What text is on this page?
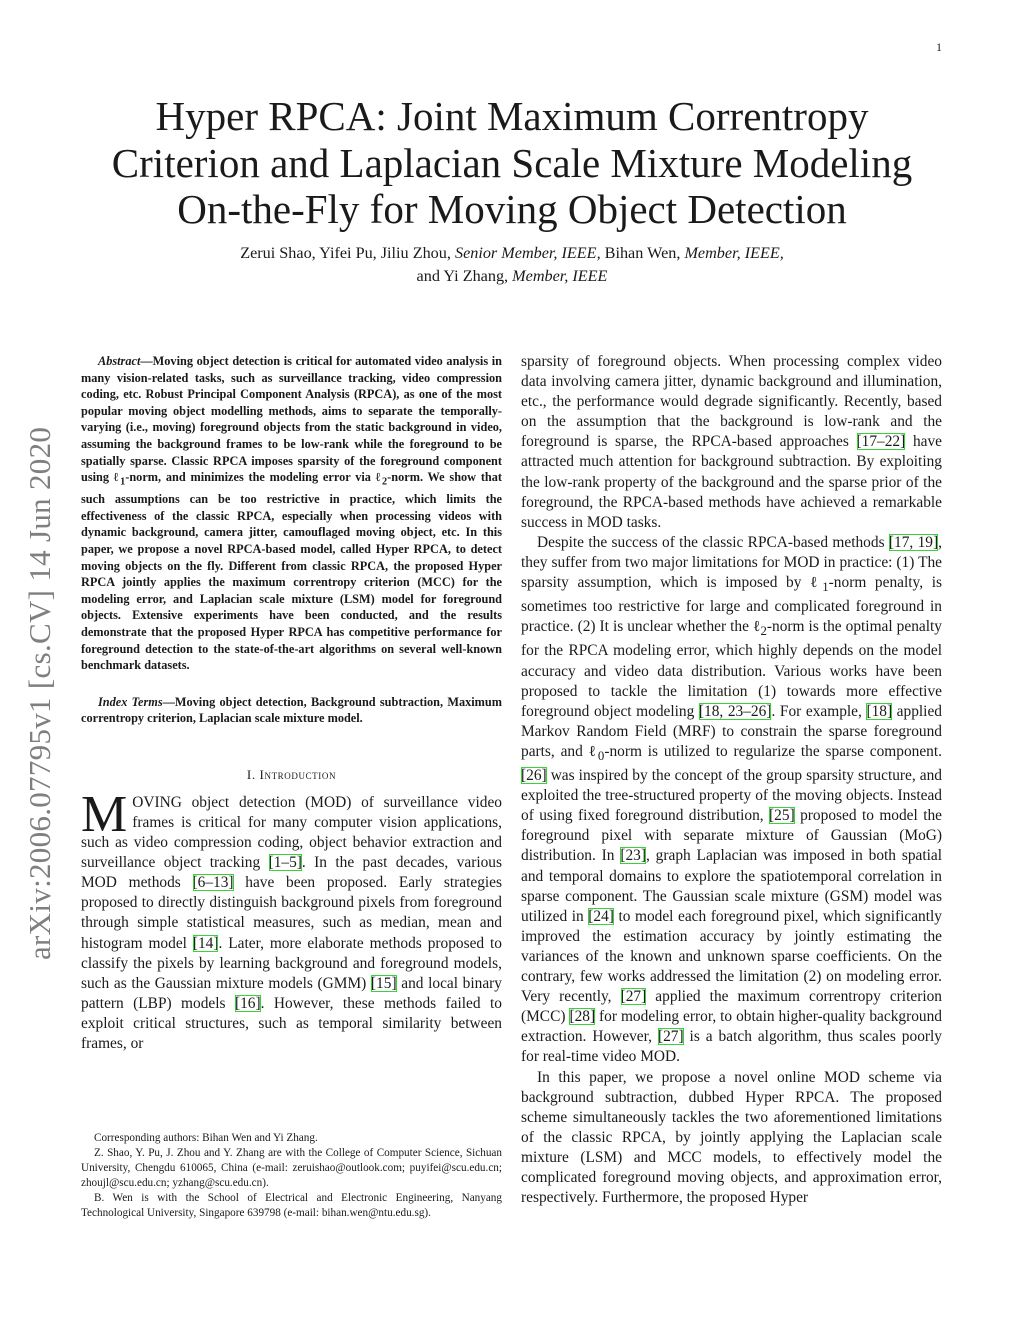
1
arXiv:2006.07795v1 [cs.CV] 14 Jun 2020
Hyper RPCA: Joint Maximum Correntropy
Criterion and Laplacian Scale Mixture Modeling
On-the-Fly for Moving Object Detection
Zerui Shao, Yifei Pu, Jiliu Zhou, Senior Member, IEEE, Bihan Wen, Member, IEEE,
and Yi Zhang, Member, IEEE

Abstract—Moving object detection is critical for automated video analysis in many vision-related tasks, such as surveillance tracking, video compression coding, etc. Robust Principal Component Analysis (RPCA), as one of the most popular moving object modelling methods, aims to separate the temporally-varying (i.e., moving) foreground objects from the static background in video, assuming the background frames to be low-rank while the foreground to be spatially sparse. Classic RPCA imposes sparsity of the foreground component using ℓ$_1$-norm, and minimizes the modeling error via ℓ$_2$-norm. We show that such assumptions can be too restrictive in practice, which limits the effectiveness of the classic RPCA, especially when processing videos with dynamic background, camera jitter, camouflaged moving object, etc. In this paper, we propose a novel RPCA-based model, called Hyper RPCA, to detect moving objects on the fly. Different from classic RPCA, the proposed Hyper RPCA jointly applies the maximum correntropy criterion (MCC) for the modeling error, and Laplacian scale mixture (LSM) model for foreground objects. Extensive experiments have been conducted, and the results demonstrate that the proposed Hyper RPCA has competitive performance for foreground detection to the state-of-the-art algorithms on several well-known benchmark datasets.

Index Terms—Moving object detection, Background subtraction, Maximum correntropy criterion, Laplacian scale mixture model.

I. Introduction

MOVING object detection (MOD) of surveillance video frames is critical for many computer vision applications, such as video compression coding, object behavior extraction and surveillance object tracking [1–5]. In the past decades, various MOD methods [6–13] have been proposed. Early strategies proposed to directly distinguish background pixels from foreground through simple statistical measures, such as median, mean and histogram model [14]. Later, more elaborate methods proposed to classify the pixels by learning background and foreground models, such as the Gaussian mixture models (GMM) [15] and local binary pattern (LBP) models [16]. However, these methods failed to exploit critical structures, such as temporal similarity between frames, or

Corresponding authors: Bihan Wen and Yi Zhang.

Z. Shao, Y. Pu, J. Zhou and Y. Zhang are with the College of Computer Science, Sichuan University, Chengdu 610065, China (e-mail: zeruishao@outlook.com; puyifei@scu.edu.cn; zhoujl@scu.edu.cn; yzhang@scu.edu.cn).

B. Wen is with the School of Electrical and Electronic Engineering, Nanyang Technological University, Singapore 639798 (e-mail: bihan.wen@ntu.edu.sg).

sparsity of foreground objects. When processing complex video data involving camera jitter, dynamic background and illumination, etc., the performance would degrade significantly. Recently, based on the assumption that the background is low-rank and the foreground is sparse, the RPCA-based approaches [17–22] have attracted much attention for background subtraction. By exploiting the low-rank property of the background and the sparse prior of the foreground, the RPCA-based methods have achieved a remarkable success in MOD tasks.

Despite the success of the classic RPCA-based methods [17, 19], they suffer from two major limitations for MOD in practice: (1) The sparsity assumption, which is imposed by ℓ$_1$-norm penalty, is sometimes too restrictive for large and complicated foreground in practice. (2) It is unclear whether the ℓ$_2$-norm is the optimal penalty for the RPCA modeling error, which highly depends on the model accuracy and video data distribution. Various works have been proposed to tackle the limitation (1) towards more effective foreground object modeling [18, 23–26]. For example, [18] applied Markov Random Field (MRF) to constrain the sparse foreground parts, and ℓ$_0$-norm is utilized to regularize the sparse component. [26] was inspired by the concept of the group sparsity structure, and exploited the tree-structured property of the moving objects. Instead of using fixed foreground distribution, [25] proposed to model the foreground pixel with separate mixture of Gaussian (MoG) distribution. In [23], graph Laplacian was imposed in both spatial and temporal domains to explore the spatiotemporal correlation in sparse component. The Gaussian scale mixture (GSM) model was utilized in [24] to model each foreground pixel, which significantly improved the estimation accuracy by jointly estimating the variances of the known and unknown sparse coefficients. On the contrary, few works addressed the limitation (2) on modeling error. Very recently, [27] applied the maximum correntropy criterion (MCC) [28] for modeling error, to obtain higher-quality background extraction. However, [27] is a batch algorithm, thus scales poorly for real-time video MOD.

In this paper, we propose a novel online MOD scheme via background subtraction, dubbed Hyper RPCA. The proposed scheme simultaneously tackles the two aforementioned limitations of the classic RPCA, by jointly applying the Laplacian scale mixture (LSM) and MCC models, to effectively model the complicated foreground moving objects, and approximation error, respectively. Furthermore, the proposed Hyper
